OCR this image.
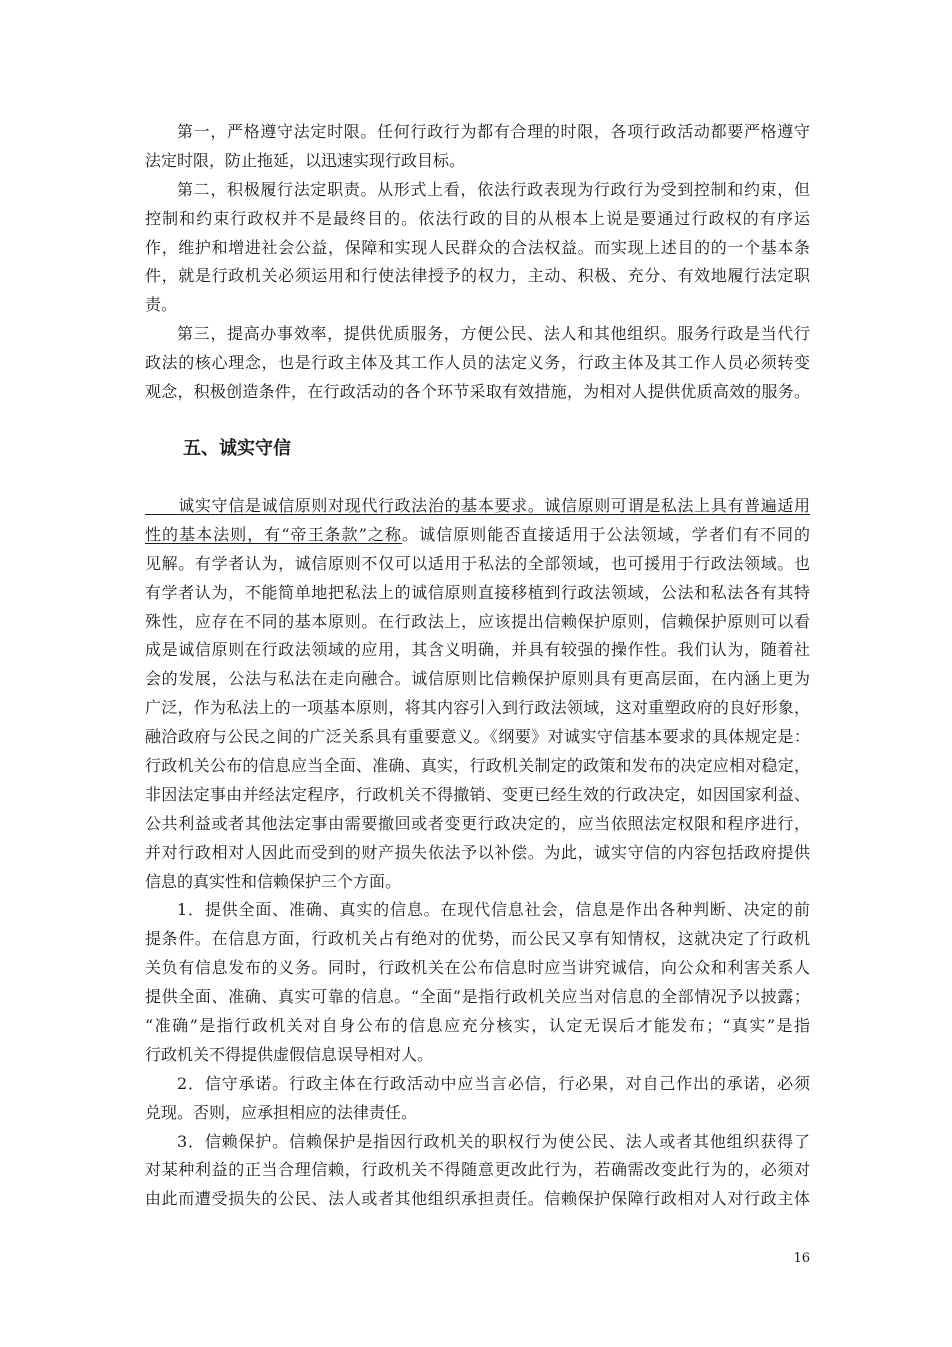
第一，严格遵守法定时限。任何行政行为都有合理的时限，各项行政活动都要严格遵守
法定时限，防止拖延，以迅速实现行政目标。
第二，积极履行法定职责。从形式上看，依法行政表现为行政行为受到控制和约束，但
控制和约束行政权并不是最终目的。依法行政的目的从根本上说是要通过行政权的有序运
作，维护和增进社会公益，保障和实现人民群众的合法权益。而实现上述目的的一个基本条
件，就是行政机关必须运用和行使法律授予的权力，主动、积极、充分、有效地履行法定职
责。
第三，提高办事效率，提供优质服务，方便公民、法人和其他组织。服务行政是当代行
政法的核心理念，也是行政主体及其工作人员的法定义务，行政主体及其工作人员必须转变
观念，积极创造条件，在行政活动的各个环节采取有效措施，为相对人提供优质高效的服务。
五、诚实守信
诚实守信是诚信原则对现代行政法治的基本要求。诚信原则可谓是私法上具有普遍适用
性的基本法则，有“帝王条款”之称。诚信原则能否直接适用于公法领域，学者们有不同的
见解。有学者认为，诚信原则不仅可以适用于私法的全部领域，也可援用于行政法领域。也
有学者认为，不能简单地把私法上的诚信原则直接移植到行政法领域，公法和私法各有其特
殊性，应存在不同的基本原则。在行政法上，应该提出信赖保护原则，信赖保护原则可以看
成是诚信原则在行政法领域的应用，其含义明确，并具有较强的操作性。我们认为，随着社
会的发展，公法与私法在走向融合。诚信原则比信赖保护原则具有更高层面，在内涵上更为
广泛，作为私法上的一项基本原则，将其内容引入到行政法领域，这对重塑政府的良好形象，
融洽政府与公民之间的广泛关系具有重要意义。《纲要》对诚实守信基本要求的具体规定是：
行政机关公布的信息应当全面、准确、真实，行政机关制定的政策和发布的决定应相对稳定，
非因法定事由并经法定程序，行政机关不得撤销、变更已经生效的行政决定，如因国家利益、
公共利益或者其他法定事由需要撤回或者变更行政决定的，应当依照法定权限和程序进行，
并对行政相对人因此而受到的财产损失依法予以补偿。为此，诚实守信的内容包括政府提供
信息的真实性和信赖保护三个方面。
1．提供全面、准确、真实的信息。在现代信息社会，信息是作出各种判断、决定的前
提条件。在信息方面，行政机关占有绝对的优势，而公民又享有知情权，这就决定了行政机
关负有信息发布的义务。同时，行政机关在公布信息时应当讲究诚信，向公众和利害关系人
提供全面、准确、真实可靠的信息。“全面”是指行政机关应当对信息的全部情况予以披露；
“准确”是指行政机关对自身公布的信息应充分核实，认定无误后才能发布；“真实”是指
行政机关不得提供虚假信息误导相对人。
2．信守承诺。行政主体在行政活动中应当言必信，行必果，对自己作出的承诺，必须
兑现。否则，应承担相应的法律责任。
3．信赖保护。信赖保护是指因行政机关的职权行为使公民、法人或者其他组织获得了
对某种利益的正当合理信赖，行政机关不得随意更改此行为，若确需改变此行为的，必须对
由此而遭受损失的公民、法人或者其他组织承担责任。信赖保护保障行政相对人对行政主体
16
